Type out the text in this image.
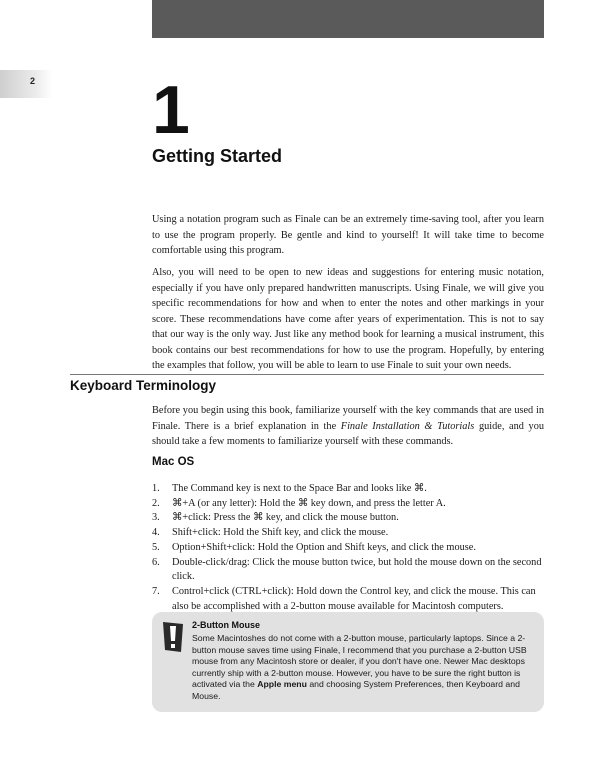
2 1
Getting Started

Using a notation program such as Finale can be an extremely time-saving tool, after you learn to use the program properly. Be gentle and kind to yourself! It will take time to become comfortable using this program.

Also, you will need to be open to new ideas and suggestions for entering music notation, especially if you have only prepared handwritten manuscripts. Using Finale, we will give you specific recommendations for how and when to enter the notes and other markings in your score. These recommendations have come after years of experimentation. This is not to say that our way is the only way. Just like any method book for learning a musical instrument, this book contains our best recommendations for how to use the program. Hopefully, by entering the examples that follow, you will be able to learn to use Finale to suit your own needs.

Keyboard Terminology

Before you begin using this book, familiarize yourself with the key commands that are used in Finale. There is a brief explanation in the Finale Installation & Tutorials guide, and you should take a few moments to familiarize yourself with these commands.

Mac OS
1. The Command key is next to the Space Bar and looks like ⌘.
2. ⌘+A (or any letter): Hold the ⌘ key down, and press the letter A.
3. ⌘+click: Press the ⌘ key, and click the mouse button.
4. Shift+click: Hold the Shift key, and click the mouse.
5. Option+Shift+click: Hold the Option and Shift keys, and click the mouse.
6. Double-click/drag: Click the mouse button twice, but hold the mouse down on the second click.
7. Control+click (CTRL+click): Hold down the Control key, and click the mouse. This can also be accomplished with a 2-button mouse available for Macintosh computers.
2-Button Mouse

Some Macintoshes do not come with a 2-button mouse, particularly laptops. Since a 2-button mouse saves time using Finale, I recommend that you purchase a 2-button USB mouse from any Macintosh store or dealer, if you don't have one. Newer Mac desktops currently ship with a 2-button mouse. However, you have to be sure the right button is activated via the Apple menu and choosing System Preferences, then Keyboard and Mouse.
